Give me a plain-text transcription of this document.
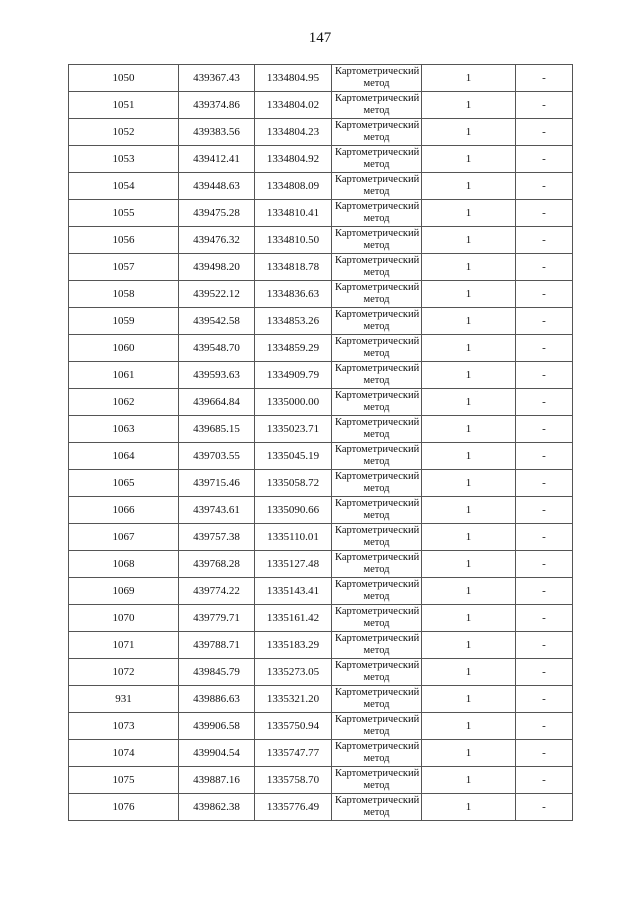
147
1050	439367.43	1334804.95	Картометрический метод	1	-
1051	439374.86	1334804.02	Картометрический метод	1	-
1052	439383.56	1334804.23	Картометрический метод	1	-
1053	439412.41	1334804.92	Картометрический метод	1	-
1054	439448.63	1334808.09	Картометрический метод	1	-
1055	439475.28	1334810.41	Картометрический метод	1	-
1056	439476.32	1334810.50	Картометрический метод	1	-
1057	439498.20	1334818.78	Картометрический метод	1	-
1058	439522.12	1334836.63	Картометрический метод	1	-
1059	439542.58	1334853.26	Картометрический метод	1	-
1060	439548.70	1334859.29	Картометрический метод	1	-
1061	439593.63	1334909.79	Картометрический метод	1	-
1062	439664.84	1335000.00	Картометрический метод	1	-
1063	439685.15	1335023.71	Картометрический метод	1	-
1064	439703.55	1335045.19	Картометрический метод	1	-
1065	439715.46	1335058.72	Картометрический метод	1	-
1066	439743.61	1335090.66	Картометрический метод	1	-
1067	439757.38	1335110.01	Картометрический метод	1	-
1068	439768.28	1335127.48	Картометрический метод	1	-
1069	439774.22	1335143.41	Картометрический метод	1	-
1070	439779.71	1335161.42	Картометрический метод	1	-
1071	439788.71	1335183.29	Картометрический метод	1	-
1072	439845.79	1335273.05	Картометрический метод	1	-
931	439886.63	1335321.20	Картометрический метод	1	-
1073	439906.58	1335750.94	Картометрический метод	1	-
1074	439904.54	1335747.77	Картометрический метод	1	-
1075	439887.16	1335758.70	Картометрический метод	1	-
1076	439862.38	1335776.49	Картометрический метод	1	-
